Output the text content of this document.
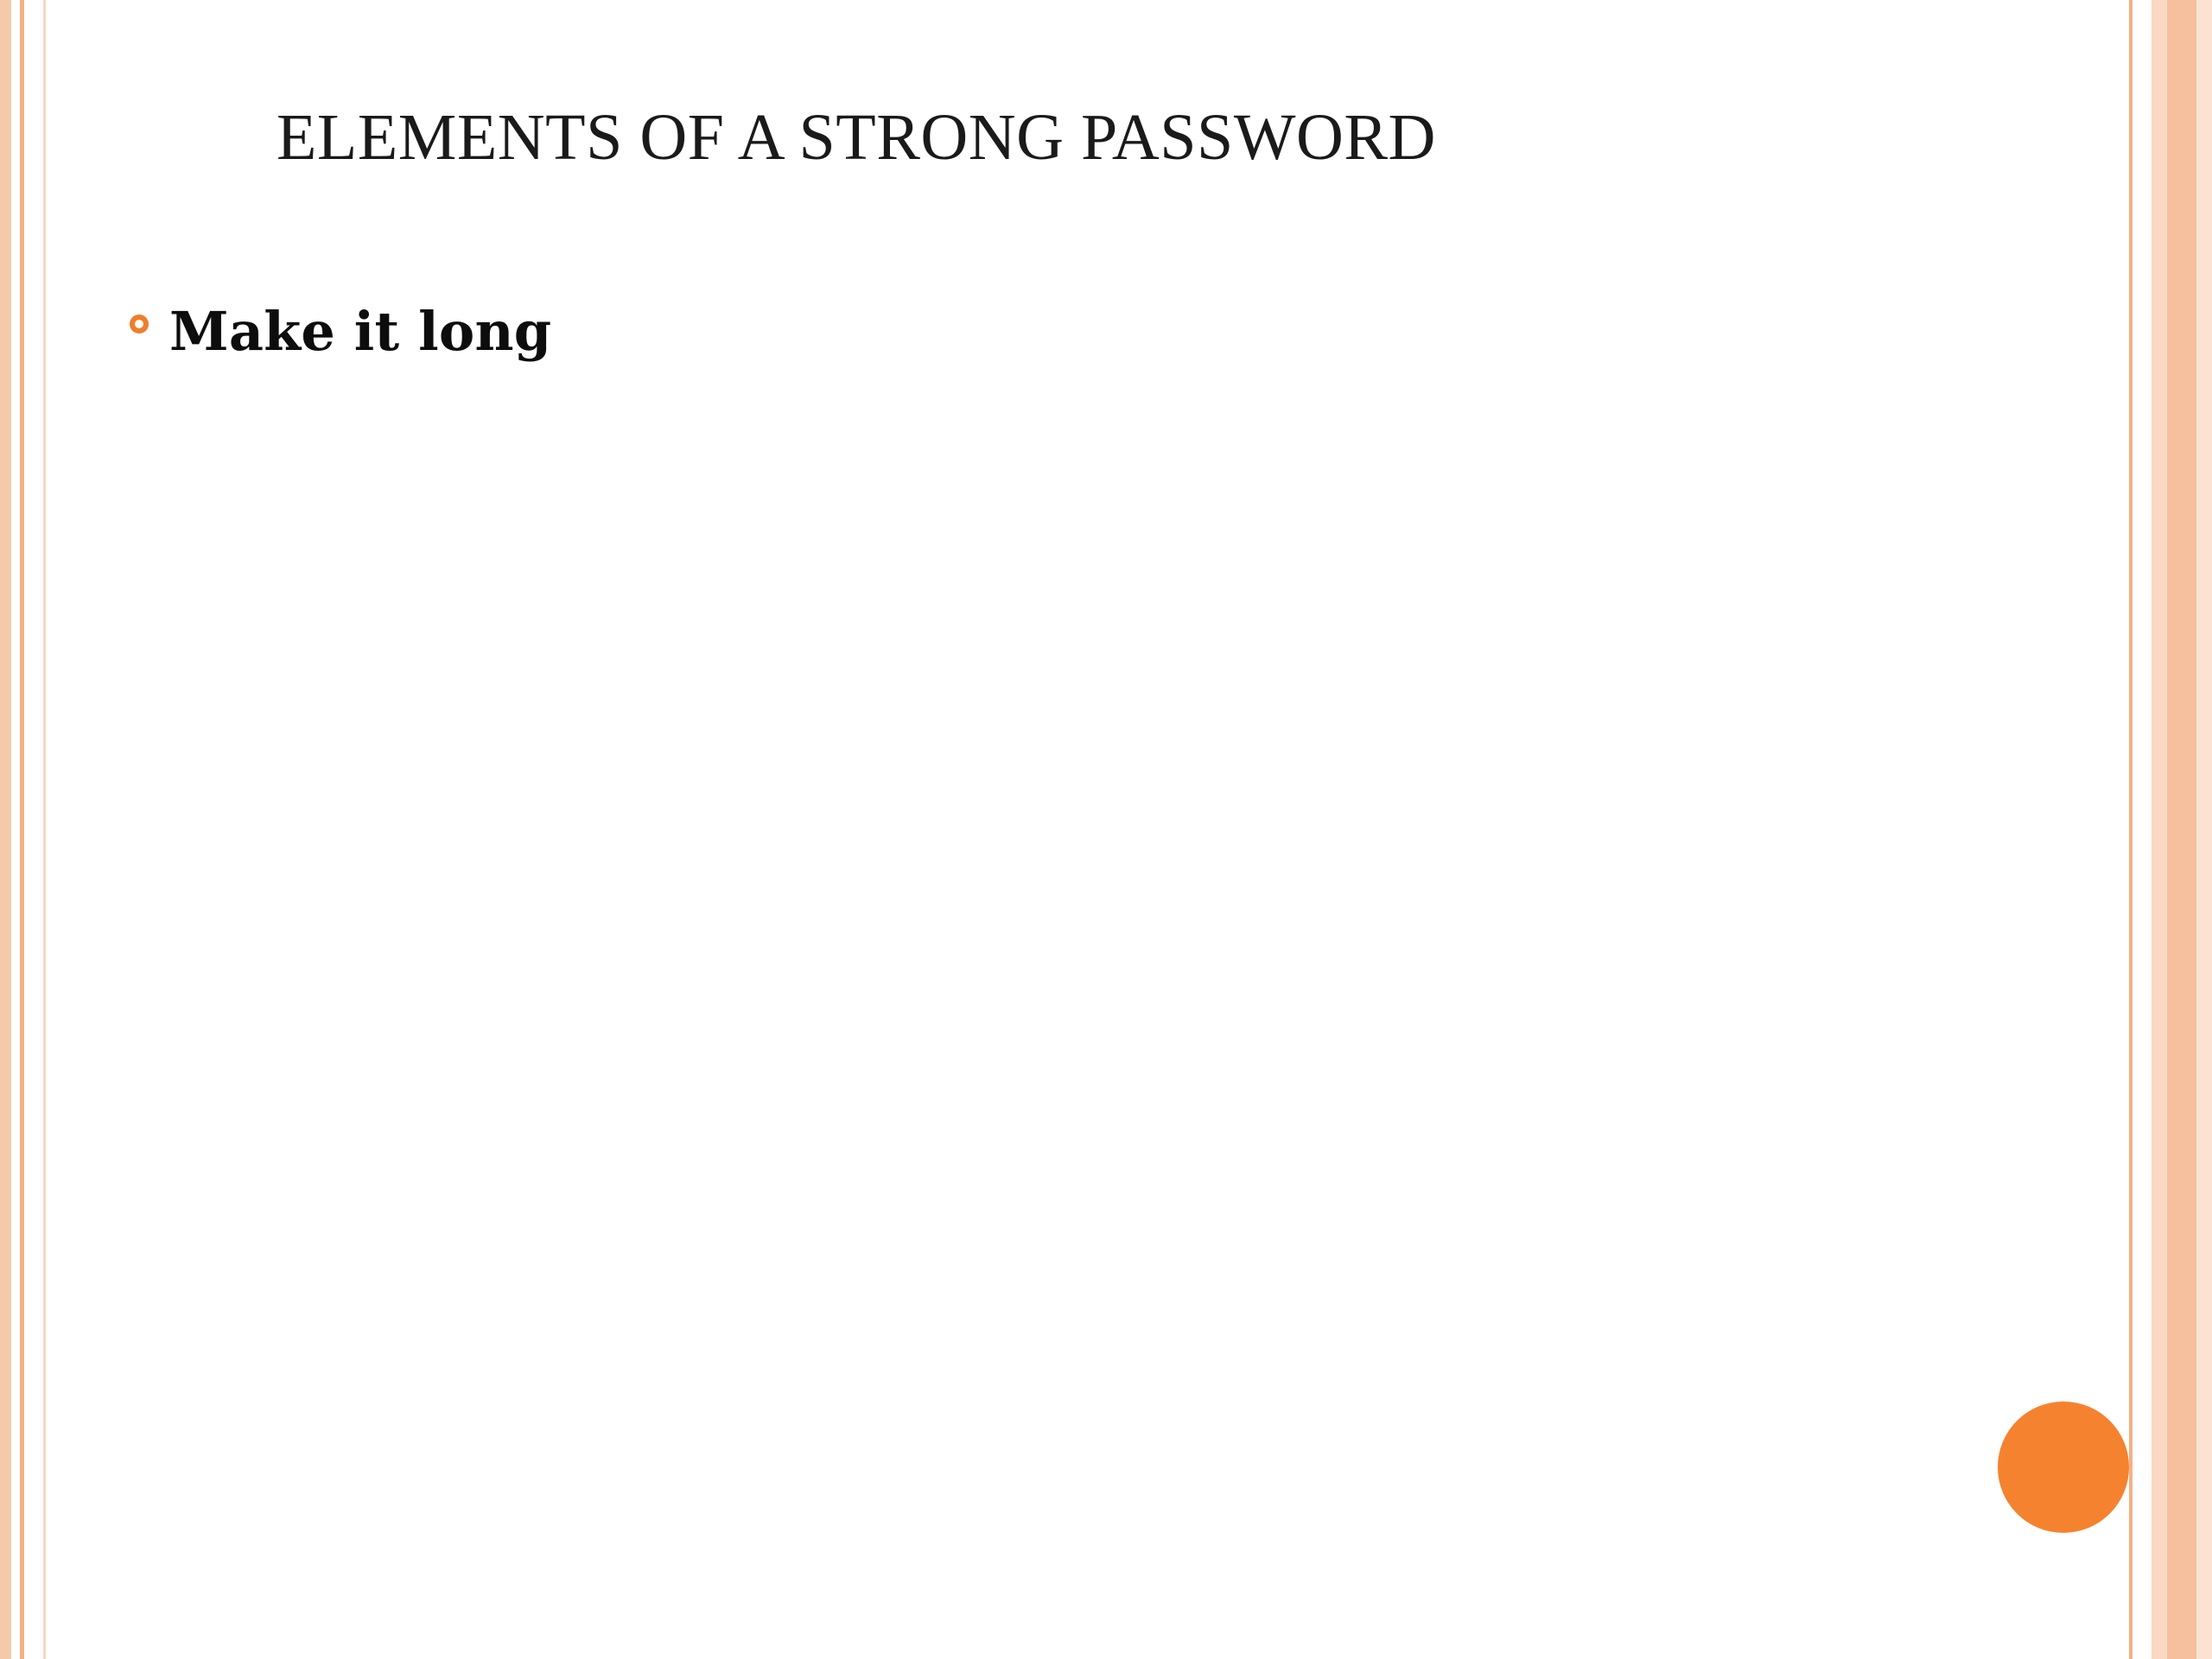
ELEMENTS OF A STRONG PASSWORD
Make it long
